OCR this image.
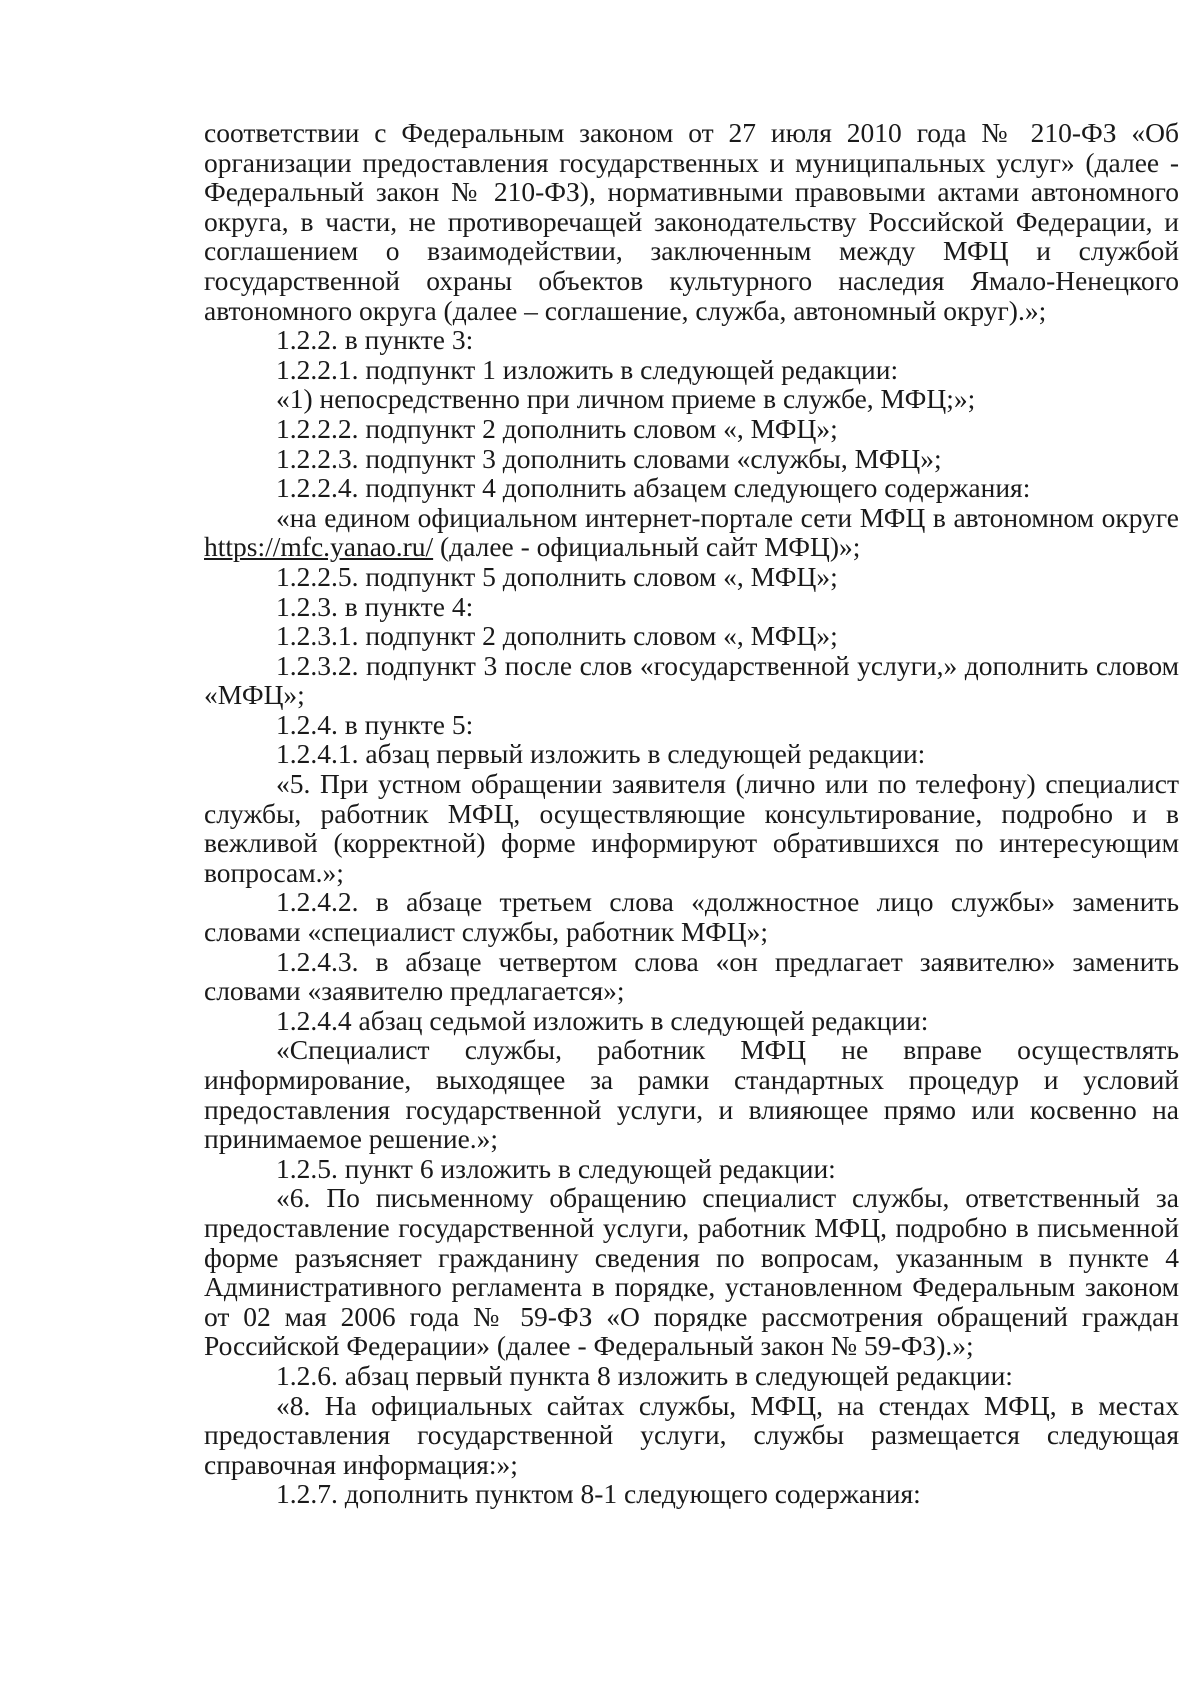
соответствии с Федеральным законом от 27 июля 2010 года № 210-ФЗ «Об организации предоставления государственных и муниципальных услуг» (далее - Федеральный закон № 210-ФЗ), нормативными правовыми актами автономного округа, в части, не противоречащей законодательству Российской Федерации, и соглашением о взаимодействии, заключенным между МФЦ и службой государственной охраны объектов культурного наследия Ямало-Ненецкого автономного округа (далее – соглашение, служба, автономный округ).»;

1.2.2. в пункте 3:

1.2.2.1. подпункт 1 изложить в следующей редакции:

«1) непосредственно при личном приеме в службе, МФЦ;»;

1.2.2.2. подпункт 2 дополнить словом «, МФЦ»;

1.2.2.3. подпункт 3 дополнить словами «службы, МФЦ»;

1.2.2.4. подпункт 4 дополнить абзацем следующего содержания:

«на едином официальном интернет-портале сети МФЦ в автономном округе https://mfc.yanao.ru/ (далее - официальный сайт МФЦ)»;

1.2.2.5. подпункт 5 дополнить словом «, МФЦ»;

1.2.3. в пункте 4:

1.2.3.1. подпункт 2 дополнить словом «, МФЦ»;

1.2.3.2. подпункт 3 после слов «государственной услуги,» дополнить словом «МФЦ»;

1.2.4. в пункте 5:

1.2.4.1. абзац первый изложить в следующей редакции:

«5. При устном обращении заявителя (лично или по телефону) специалист службы, работник МФЦ, осуществляющие консультирование, подробно и в вежливой (корректной) форме информируют обратившихся по интересующим вопросам.»;

1.2.4.2. в абзаце третьем слова «должностное лицо службы» заменить словами «специалист службы, работник МФЦ»;

1.2.4.3. в абзаце четвертом слова «он предлагает заявителю» заменить словами «заявителю предлагается»;

1.2.4.4 абзац седьмой изложить в следующей редакции:

«Специалист службы, работник МФЦ не вправе осуществлять информирование, выходящее за рамки стандартных процедур и условий предоставления государственной услуги, и влияющее прямо или косвенно на принимаемое решение.»;

1.2.5. пункт 6 изложить в следующей редакции:

«6. По письменному обращению специалист службы, ответственный за предоставление государственной услуги, работник МФЦ, подробно в письменной форме разъясняет гражданину сведения по вопросам, указанным в пункте 4 Административного регламента в порядке, установленном Федеральным законом от 02 мая 2006 года № 59-ФЗ «О порядке рассмотрения обращений граждан Российской Федерации» (далее - Федеральный закон № 59-ФЗ).»;

1.2.6. абзац первый пункта 8 изложить в следующей редакции:

«8. На официальных сайтах службы, МФЦ, на стендах МФЦ, в местах предоставления государственной услуги, службы размещается следующая справочная информация:»;

1.2.7. дополнить пунктом 8-1 следующего содержания:
